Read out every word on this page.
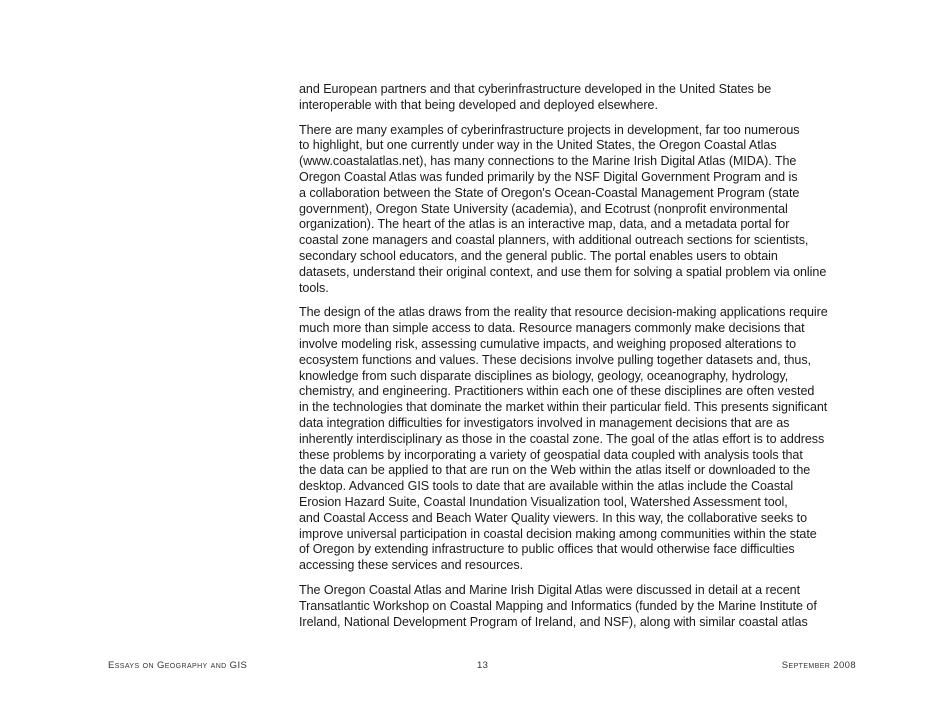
and European partners and that cyberinfrastructure developed in the United States be
interoperable with that being developed and deployed elsewhere.

There are many examples of cyberinfrastructure projects in development, far too numerous
to highlight, but one currently under way in the United States, the Oregon Coastal Atlas
(www.coastalatlas.net), has many connections to the Marine Irish Digital Atlas (MIDA). The
Oregon Coastal Atlas was funded primarily by the NSF Digital Government Program and is
a collaboration between the State of Oregon's Ocean-Coastal Management Program (state
government), Oregon State University (academia), and Ecotrust (nonprofit environmental
organization). The heart of the atlas is an interactive map, data, and a metadata portal for
coastal zone managers and coastal planners, with additional outreach sections for scientists,
secondary school educators, and the general public. The portal enables users to obtain
datasets, understand their original context, and use them for solving a spatial problem via online
tools.

The design of the atlas draws from the reality that resource decision-making applications require
much more than simple access to data. Resource managers commonly make decisions that
involve modeling risk, assessing cumulative impacts, and weighing proposed alterations to
ecosystem functions and values. These decisions involve pulling together datasets and, thus,
knowledge from such disparate disciplines as biology, geology, oceanography, hydrology,
chemistry, and engineering. Practitioners within each one of these disciplines are often vested
in the technologies that dominate the market within their particular field. This presents significant
data integration difficulties for investigators involved in management decisions that are as
inherently interdisciplinary as those in the coastal zone. The goal of the atlas effort is to address
these problems by incorporating a variety of geospatial data coupled with analysis tools that
the data can be applied to that are run on the Web within the atlas itself or downloaded to the
desktop. Advanced GIS tools to date that are available within the atlas include the Coastal
Erosion Hazard Suite, Coastal Inundation Visualization tool, Watershed Assessment tool,
and Coastal Access and Beach Water Quality viewers. In this way, the collaborative seeks to
improve universal participation in coastal decision making among communities within the state
of Oregon by extending infrastructure to public offices that would otherwise face difficulties
accessing these services and resources.

The Oregon Coastal Atlas and Marine Irish Digital Atlas were discussed in detail at a recent
Transatlantic Workshop on Coastal Mapping and Informatics (funded by the Marine Institute of
Ireland, National Development Program of Ireland, and NSF), along with similar coastal atlas

Essays on Geography and GIS	13	September 2008
